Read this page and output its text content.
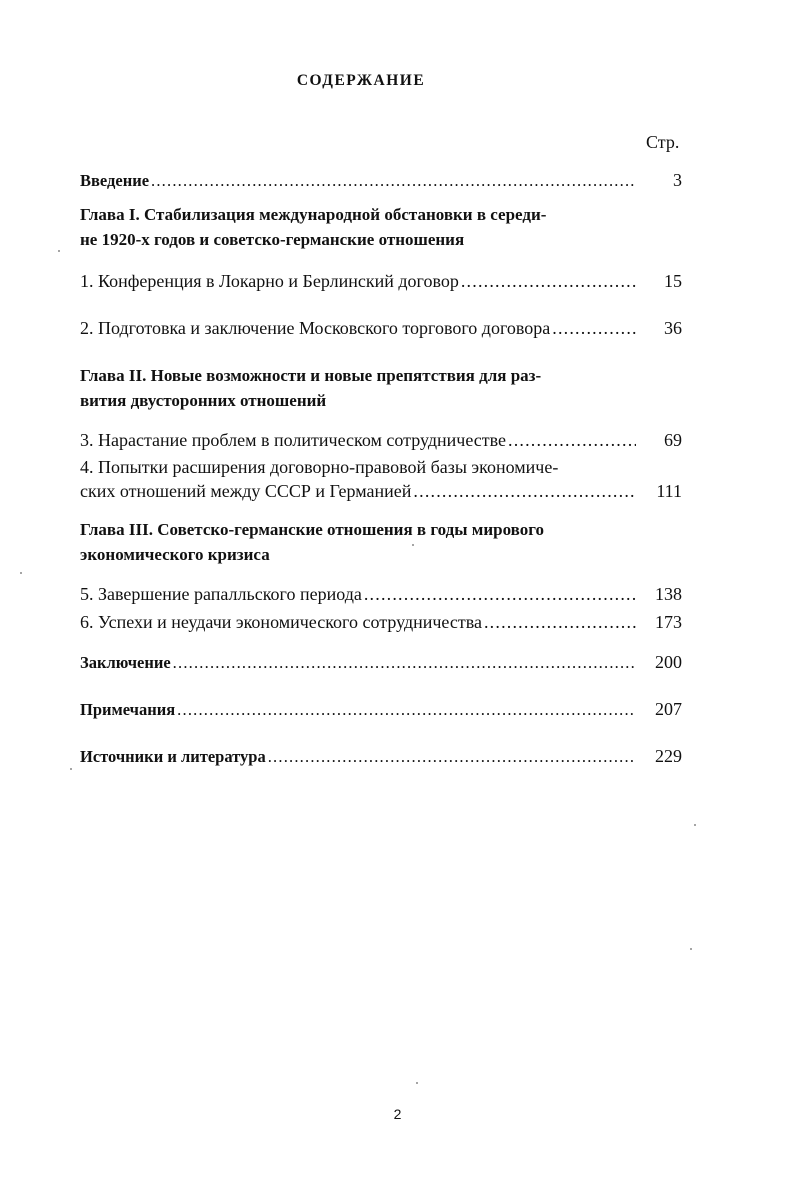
СОДЕРЖАНИЕ
Стр.
Введение .....	3
Глава I. Стабилизация международной обстановки в середи-
не 1920-х годов и советско-германские отношения
1. Конференция в Локарно и Берлинский договор .....	15
2. Подготовка и заключение Московского торгового договора .....	36
Глава II. Новые возможности и новые препятствия для раз-
вития двусторонних отношений
3. Нарастание проблем в политическом сотрудничестве .....	69
4. Попытки расширения договорно-правовой базы экономиче-
ских отношений между СССР и Германией .....	111
Глава III. Советско-германские отношения в годы мирового
экономического кризиса
5. Завершение рапалльского периода .....	138
6. Успехи и неудачи экономического сотрудничества .....	173
Заключение .....	200
Примечания .....	207
Источники и литература .....	229
2
